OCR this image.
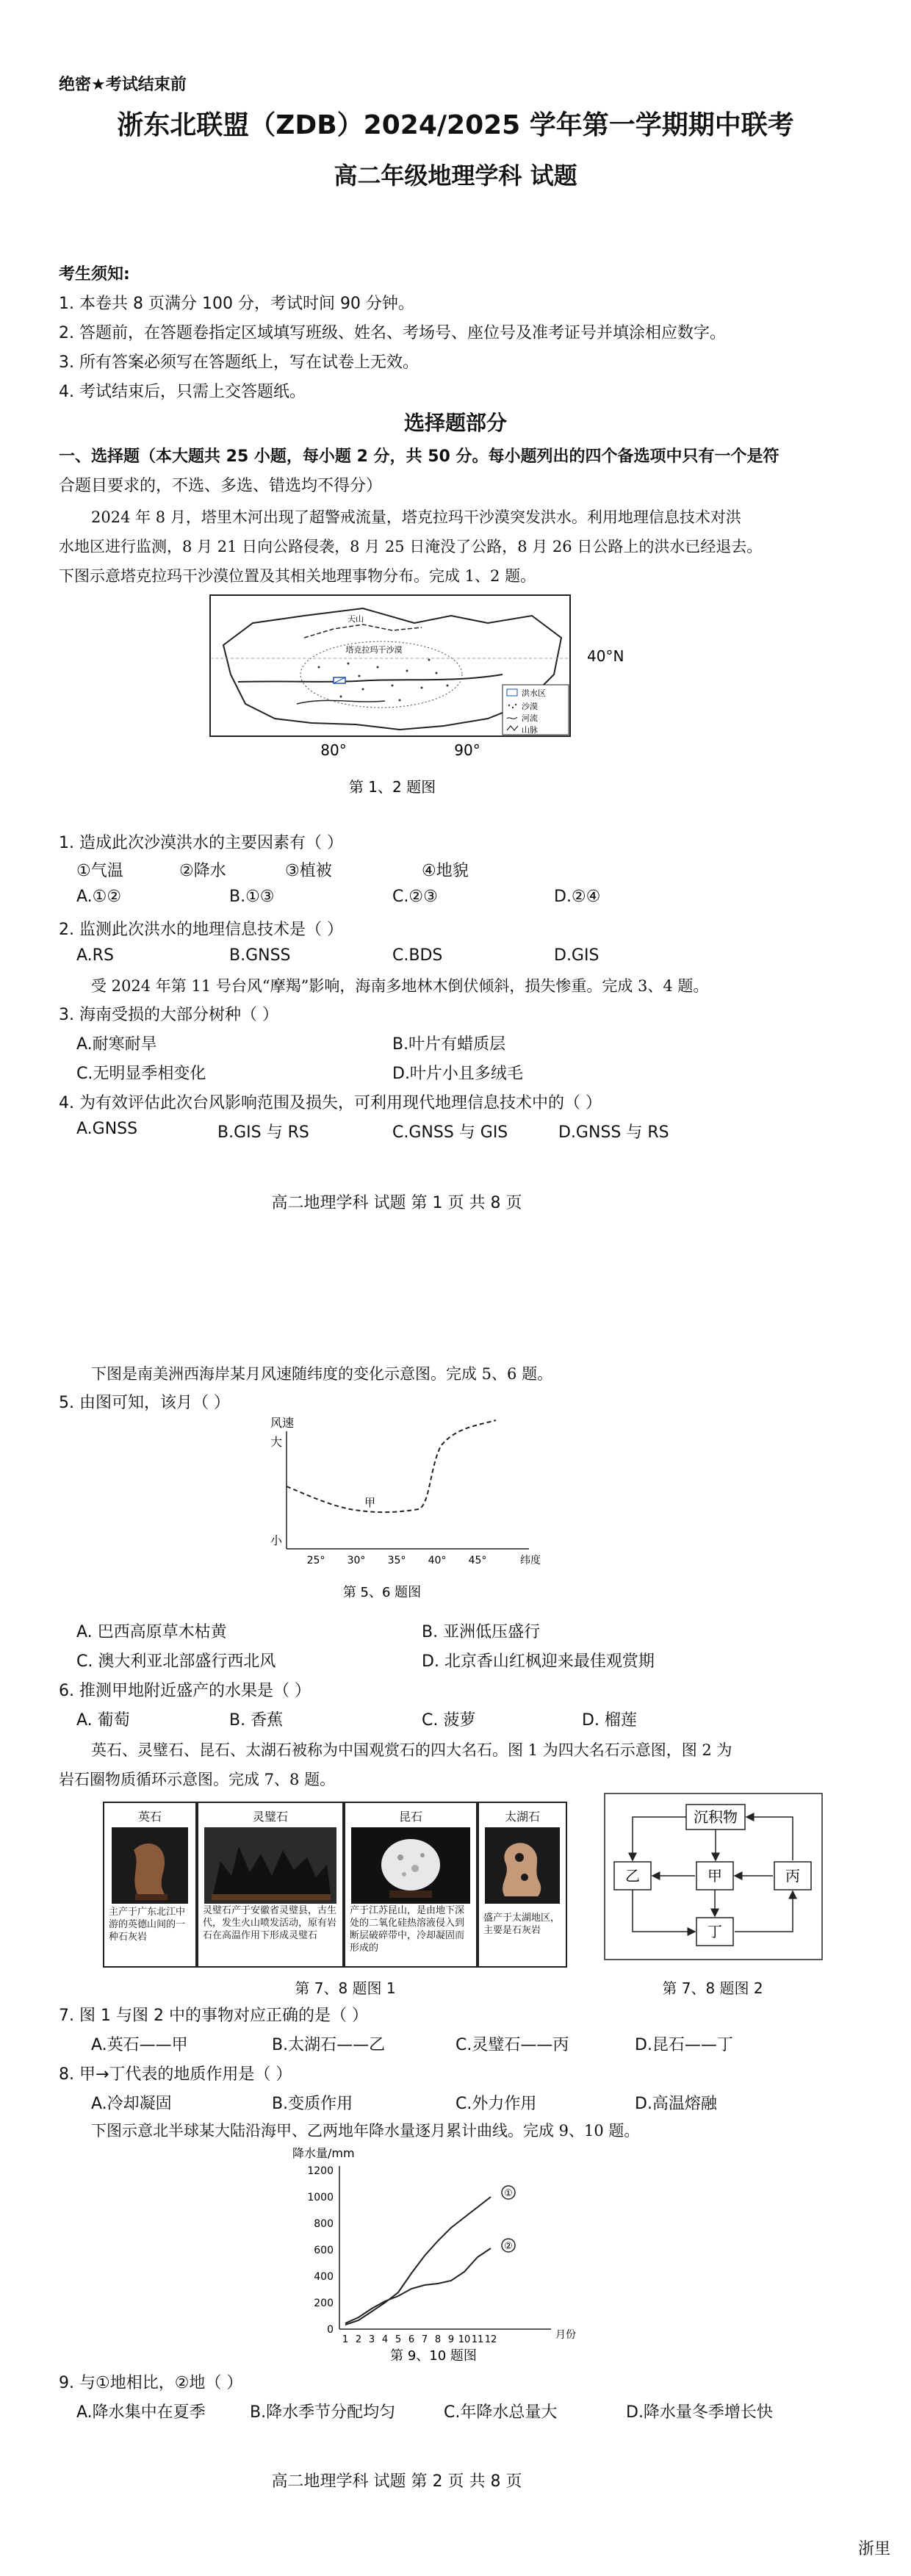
绝密★考试结束前
浙东北联盟（ZDB）2024/2025 学年第一学期期中联考
高二年级地理学科 试题
考生须知:
1. 本卷共 8 页满分 100 分，考试时间 90 分钟。
2. 答题前，在答题卷指定区域填写班级、姓名、考场号、座位号及准考证号并填涂相应数字。
3. 所有答案必须写在答题纸上，写在试卷上无效。
4. 考试结束后，只需上交答题纸。
选择题部分
一、选择题（本大题共 25 小题，每小题 2 分，共 50 分。每小题列出的四个备选项中只有一个是符
合题目要求的，不选、多选、错选均不得分）
2024 年 8 月，塔里木河出现了超警戒流量，塔克拉玛干沙漠突发洪水。利用地理信息技术对洪
水地区进行监测，8 月 21 日向公路侵袭，8 月 25 日淹没了公路，8 月 26 日公路上的洪水已经退去。
下图示意塔克拉玛干沙漠位置及其相关地理事物分布。完成 1、2 题。
塔克拉玛干沙漠
天山
40°N
洪水区
沙漠
河流
山脉
80°	90°
第 1、2 题图
1. 造成此次沙漠洪水的主要因素有（ ）
①气温	②降水	③植被	④地貌
A.①②	B.①③	C.②③	D.②④
2. 监测此次洪水的地理信息技术是（ ）
A.RS	B.GNSS	C.BDS	D.GIS
受 2024 年第 11 号台风“摩羯”影响，海南多地林木倒伏倾斜，损失惨重。完成 3、4 题。
3. 海南受损的大部分树种（ ）
A.耐寒耐旱	B.叶片有蜡质层
C.无明显季相变化	D.叶片小且多绒毛
4. 为有效评估此次台风影响范围及损失，可利用现代地理信息技术中的（ ）
A.GNSS	B.GIS 与 RS	C.GNSS 与 GIS	D.GNSS 与 RS
高二地理学科 试题 第 1 页 共 8 页
下图是南美洲西海岸某月风速随纬度的变化示意图。完成 5、6 题。
5. 由图可知，该月（ ）
风速
大
小
纬度
甲
25° 30° 35° 40° 45°
第 5、6 题图
A. 巴西高原草木枯黄	B. 亚洲低压盛行
C. 澳大利亚北部盛行西北风	D. 北京香山红枫迎来最佳观赏期
6. 推测甲地附近盛产的水果是（ ）
A. 葡萄	B. 香蕉	C. 菠萝	D. 榴莲
英石、灵璧石、昆石、太湖石被称为中国观赏石的四大名石。图 1 为四大名石示意图，图 2 为
岩石圈物质循环示意图。完成 7、8 题。
英石
主产于广东北江中游的英德山间的一种石灰岩
灵璧石
灵璧石产于安徽省灵璧县，古生代，发生火山喷发活动，原有岩石在高温作用下形成灵璧石
昆石
产于江苏昆山，是由地下深处的二氧化硅热溶液侵入到断层破碎带中，冷却凝固而形成的
太湖石
盛产于太湖地区，主要是石灰岩
第 7、8 题图 1
沉积物
乙	甲	丙
丁
第 7、8 题图 2
7. 图 1 与图 2 中的事物对应正确的是（ ）
A.英石——甲	B.太湖石——乙	C.灵璧石——丙	D.昆石——丁
8. 甲→丁代表的地质作用是（ ）
A.冷却凝固	B.变质作用	C.外力作用	D.高温熔融
下图示意北半球某大陆沿海甲、乙两地年降水量逐月累计曲线。完成 9、10 题。
降水量/mm
1200
1000
800
600
400
200
0
1 2 3 4 5 6 7 8 9 10 11 12	月份
①
②
第 9、10 题图
9. 与①地相比，②地（ ）
A.降水集中在夏季	B.降水季节分配均匀	C.年降水总量大	D.降水量冬季增长快
高二地理学科 试题 第 2 页 共 8 页
浙里
